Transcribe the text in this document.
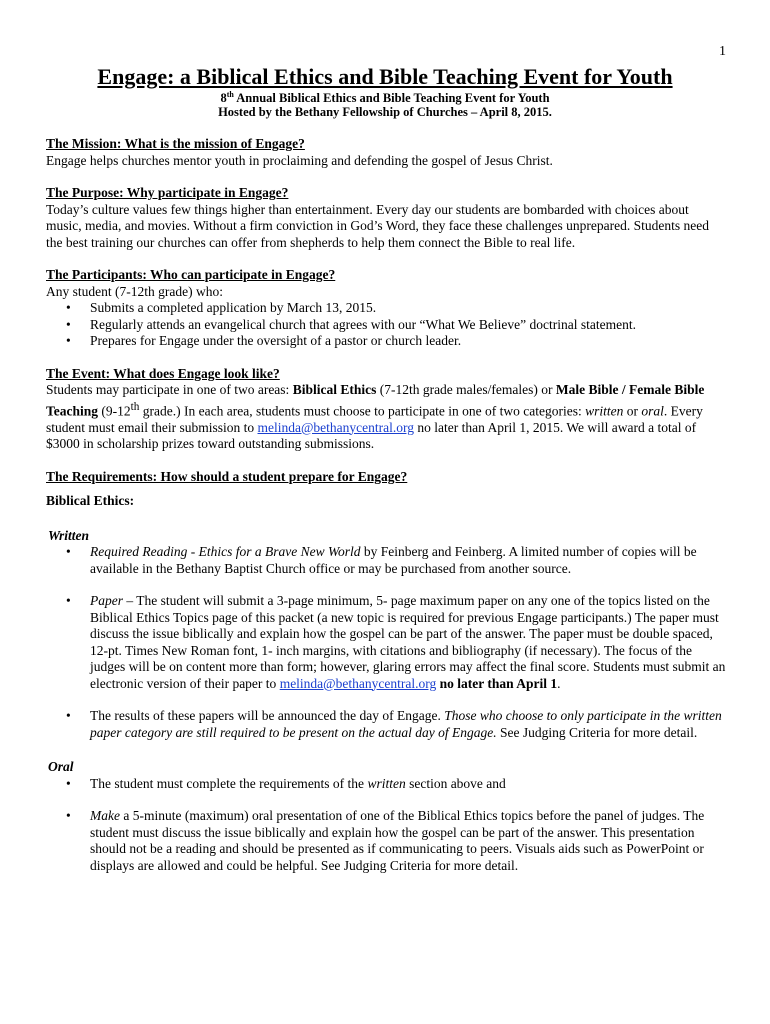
1
Engage: a Biblical Ethics and Bible Teaching Event for Youth
8th Annual Biblical Ethics and Bible Teaching Event for Youth
Hosted by the Bethany Fellowship of Churches – April 8, 2015.

The Mission: What is the mission of Engage?

Engage helps churches mentor youth in proclaiming and defending the gospel of Jesus Christ.

The Purpose: Why participate in Engage?

Today’s culture values few things higher than entertainment. Every day our students are bombarded with choices about music, media, and movies. Without a firm conviction in God’s Word, they face these challenges unprepared. Students need the best training our churches can offer from shepherds to help them connect the Bible to real life.

The Participants: Who can participate in Engage?

Any student (7-12th grade) who:

• Submits a completed application by March 13, 2015.
• Regularly attends an evangelical church that agrees with our “What We Believe” doctrinal statement.
• Prepares for Engage under the oversight of a pastor or church leader.

The Event: What does Engage look like?

Students may participate in one of two areas: Biblical Ethics (7-12th grade males/females) or Male Bible / Female Bible Teaching (9-12th grade.) In each area, students must choose to participate in one of two categories: written or oral. Every student must email their submission to melinda@bethanycentral.org no later than April 1, 2015. We will award a total of $3000 in scholarship prizes toward outstanding submissions.

The Requirements: How should a student prepare for Engage?

Biblical Ethics:

Written

• Required Reading - Ethics for a Brave New World by Feinberg and Feinberg. A limited number of copies will be available in the Bethany Baptist Church office or may be purchased from another source.
• Paper – The student will submit a 3-page minimum, 5- page maximum paper on any one of the topics listed on the Biblical Ethics Topics page of this packet (a new topic is required for previous Engage participants.) The paper must discuss the issue biblically and explain how the gospel can be part of the answer. The paper must be double spaced, 12-pt. Times New Roman font, 1- inch margins, with citations and bibliography (if necessary). The focus of the judges will be on content more than form; however, glaring errors may affect the final score. Students must submit an electronic version of their paper to melinda@bethanycentral.org no later than April 1.
• The results of these papers will be announced the day of Engage. Those who choose to only participate in the written paper category are still required to be present on the actual day of Engage. See Judging Criteria for more detail.

Oral

• The student must complete the requirements of the written section above and
• Make a 5-minute (maximum) oral presentation of one of the Biblical Ethics topics before the panel of judges. The student must discuss the issue biblically and explain how the gospel can be part of the answer. This presentation should not be a reading and should be presented as if communicating to peers. Visuals aids such as PowerPoint or displays are allowed and could be helpful. See Judging Criteria for more detail.
